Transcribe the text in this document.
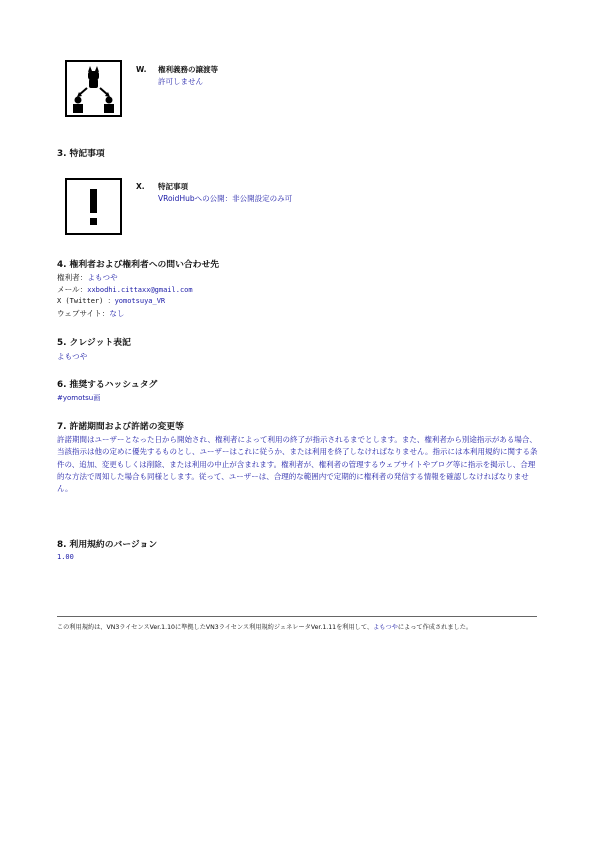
W. 権利義務の譲渡等
許可しません
3. 特記事項
X. 特記事項
VRoidHubへの公開：非公開設定のみ可
4. 権利者および権利者への問い合わせ先
権利者：よもつや
メール：xxbodhi.cittaxx@gmail.com
X (Twitter) ：yomotsuya_VR
ウェブサイト：なし
5. クレジット表記
よもつや
6. 推奨するハッシュタグ
#yomotsu画
7. 許諾期間および許諾の変更等
許諾期間はユーザーとなった日から開始され、権利者によって利用の終了が指示されるまでとします。また、権利者から別途指示がある場合、当該指示は他の定めに優先するものとし、ユーザーはこれに従うか、または利用を終了しなければなりません。指示には本利用規約に関する条件の、追加、変更もしくは削除、または利用の中止が含まれます。権利者が、権利者の管理するウェブサイトやブログ等に指示を掲示し、合理的な方法で周知した場合も同様とします。従って、ユーザーは、合理的な範囲内で定期的に権利者の発信する情報を確認しなければなりません。
8. 利用規約のバージョン
1.00
この利用規約は、VN3ライセンスVer.1.10に準拠したVN3ライセンス利用規約ジェネレータVer.1.11を利用して、よもつやによって作成されました。
